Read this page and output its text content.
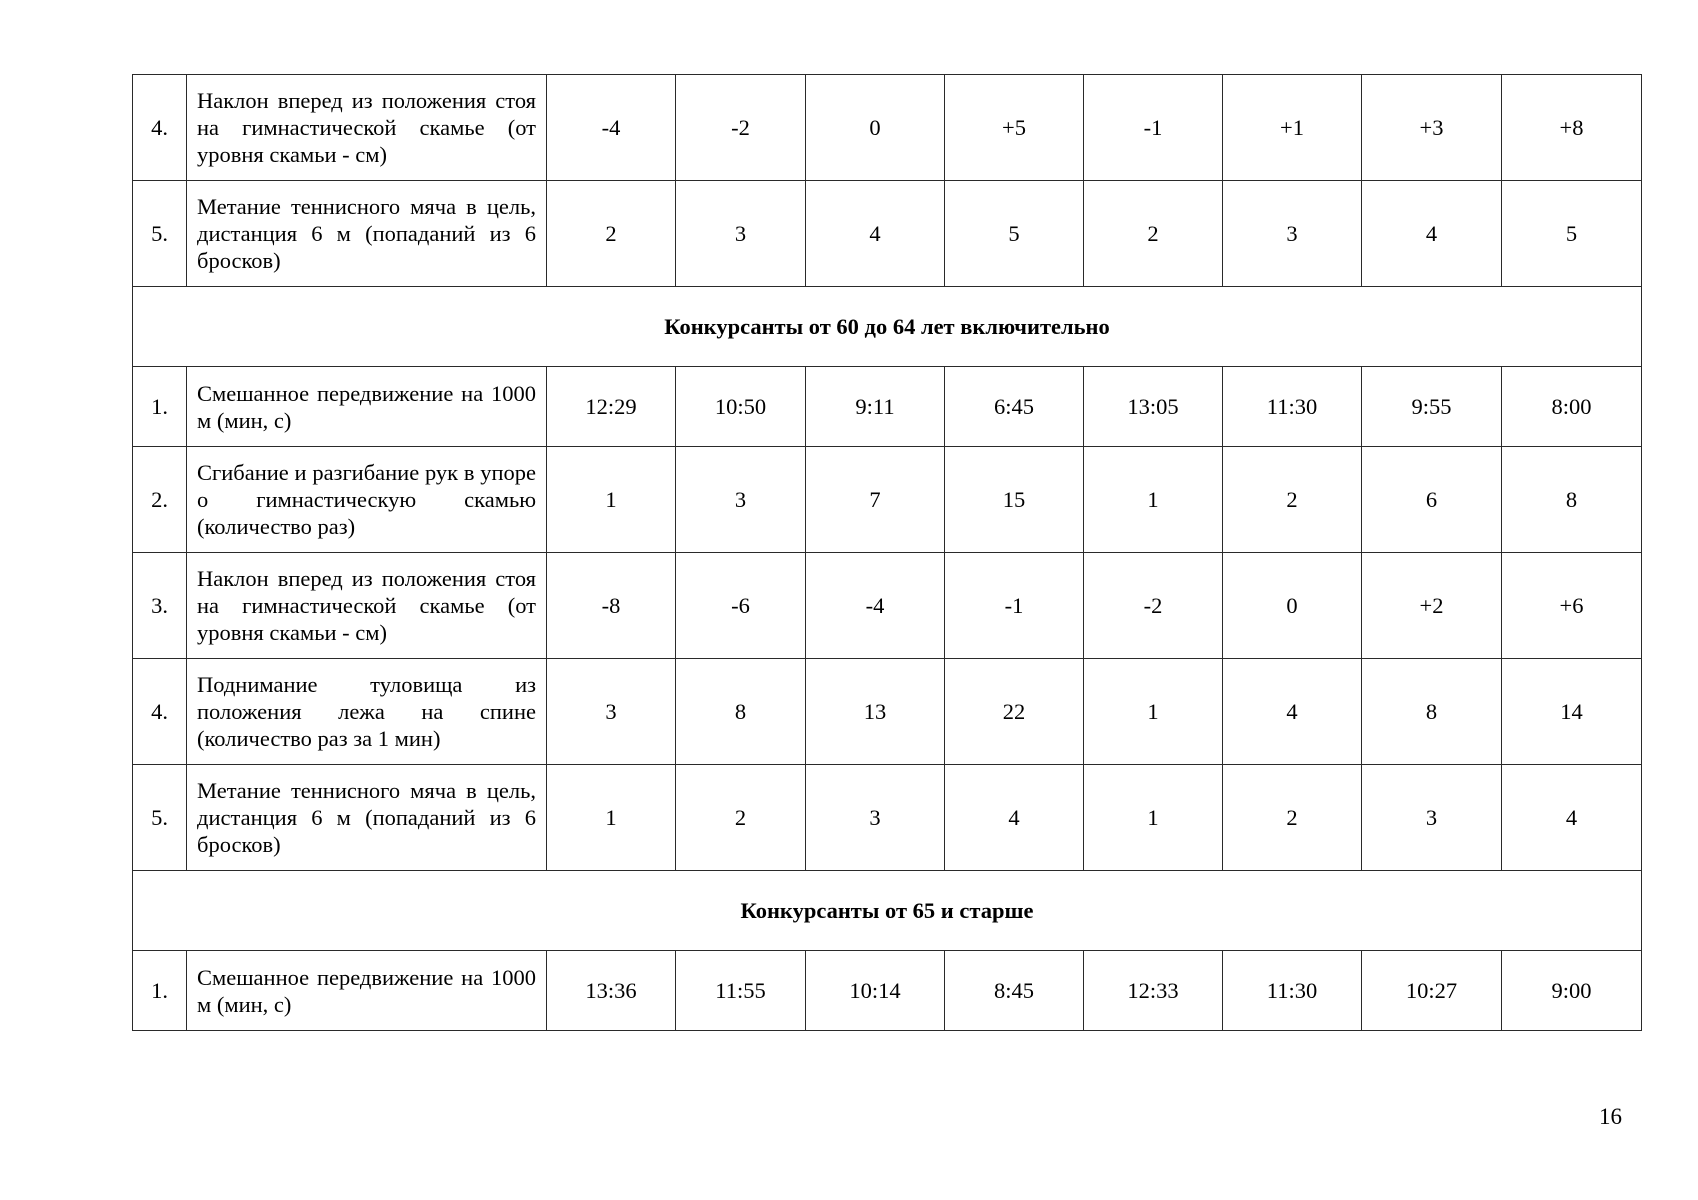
4.	Наклон вперед из положения стоя на гимнастической скамье (от уровня скамьи - см)	-4	-2	0	+5	-1	+1	+3	+8
5.	Метание теннисного мяча в цель, дистанция 6 м (попаданий из 6 бросков)	2	3	4	5	2	3	4	5
Конкурсанты от 60 до 64 лет включительно									
1.	Смешанное передвижение на 1000 м (мин, с)	12:29	10:50	9:11	6:45	13:05	11:30	9:55	8:00
2.	Сгибание и разгибание рук в упоре о гимнастическую скамью (количество раз)	1	3	7	15	1	2	6	8
3.	Наклон вперед из положения стоя на гимнастической скамье (от уровня скамьи - см)	-8	-6	-4	-1	-2	0	+2	+6
4.	Поднимание туловища из положения лежа на спине (количество раз за 1 мин)	3	8	13	22	1	4	8	14
5.	Метание теннисного мяча в цель, дистанция 6 м (попаданий из 6 бросков)	1	2	3	4	1	2	3	4
Конкурсанты от 65 и старше									
1.	Смешанное передвижение на 1000 м (мин, с)	13:36	11:55	10:14	8:45	12:33	11:30	10:27	9:00
16
